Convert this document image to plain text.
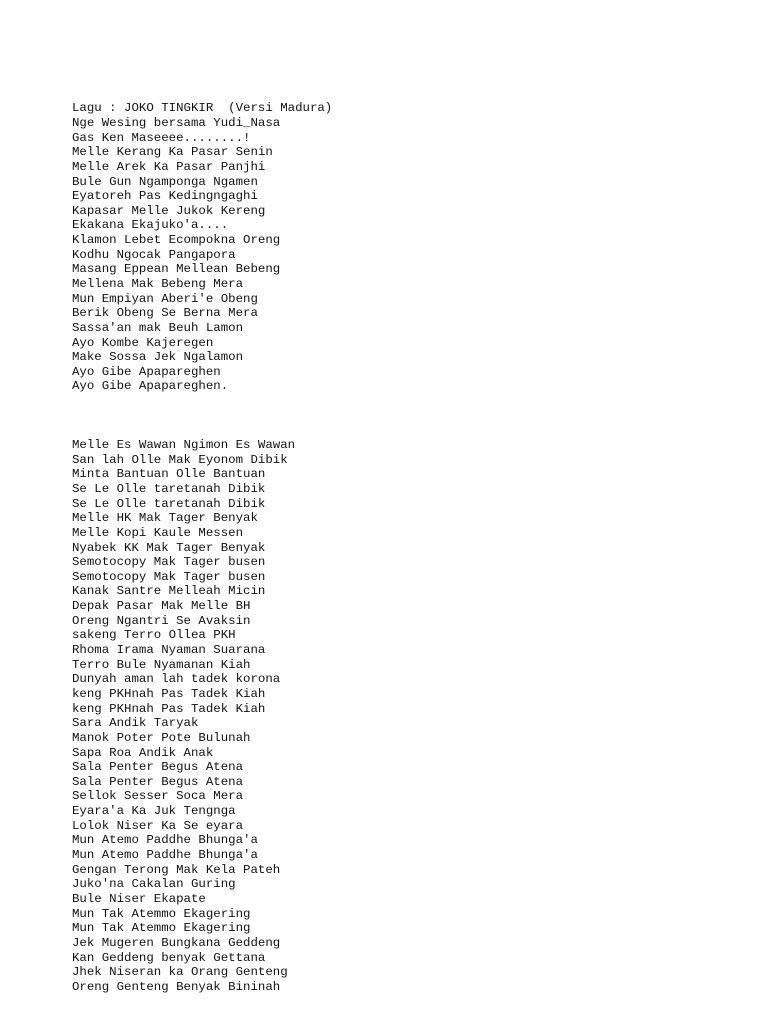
Lagu : JOKO TINGKIR  (Versi Madura)
Nge Wesing bersama Yudi_Nasa
Gas Ken Maseeee........!
Melle Kerang Ka Pasar Senin
Melle Arek Ka Pasar Panjhi
Bule Gun Ngamponga Ngamen
Eyatoreh Pas Kedingngaghi
Kapasar Melle Jukok Kereng
Ekakana Ekajuko'a....
Klamon Lebet Ecompokna Oreng
Kodhu Ngocak Pangapora
Masang Eppean Mellean Bebeng
Mellena Mak Bebeng Mera
Mun Empiyan Aberi'e Obeng
Berik Obeng Se Berna Mera
Sassa'an mak Beuh Lamon
Ayo Kombe Kajeregen
Make Sossa Jek Ngalamon
Ayo Gibe Apapareghen
Ayo Gibe Apapareghen.

Melle Es Wawan Ngimon Es Wawan
San lah Olle Mak Eyonom Dibik
Minta Bantuan Olle Bantuan
Se Le Olle taretanah Dibik
Se Le Olle taretanah Dibik
Melle HK Mak Tager Benyak
Melle Kopi Kaule Messen
Nyabek KK Mak Tager Benyak
Semotocopy Mak Tager busen
Semotocopy Mak Tager busen
Kanak Santre Melleah Micin
Depak Pasar Mak Melle BH
Oreng Ngantri Se Avaksin
sakeng Terro Ollea PKH
Rhoma Irama Nyaman Suarana
Terro Bule Nyamanan Kiah
Dunyah aman lah tadek korona
keng PKHnah Pas Tadek Kiah
keng PKHnah Pas Tadek Kiah
Sara Andik Taryak
Manok Poter Pote Bulunah
Sapa Roa Andik Anak
Sala Penter Begus Atena
Sala Penter Begus Atena
Sellok Sesser Soca Mera
Eyara'a Ka Juk Tengnga
Lolok Niser Ka Se eyara
Mun Atemo Paddhe Bhunga'a
Mun Atemo Paddhe Bhunga'a
Gengan Terong Mak Kela Pateh
Juko'na Cakalan Guring
Bule Niser Ekapate
Mun Tak Atemmo Ekagering
Mun Tak Atemmo Ekagering
Jek Mugeren Bungkana Geddeng
Kan Geddeng benyak Gettana
Jhek Niseran ka Orang Genteng
Oreng Genteng Benyak Bininah
